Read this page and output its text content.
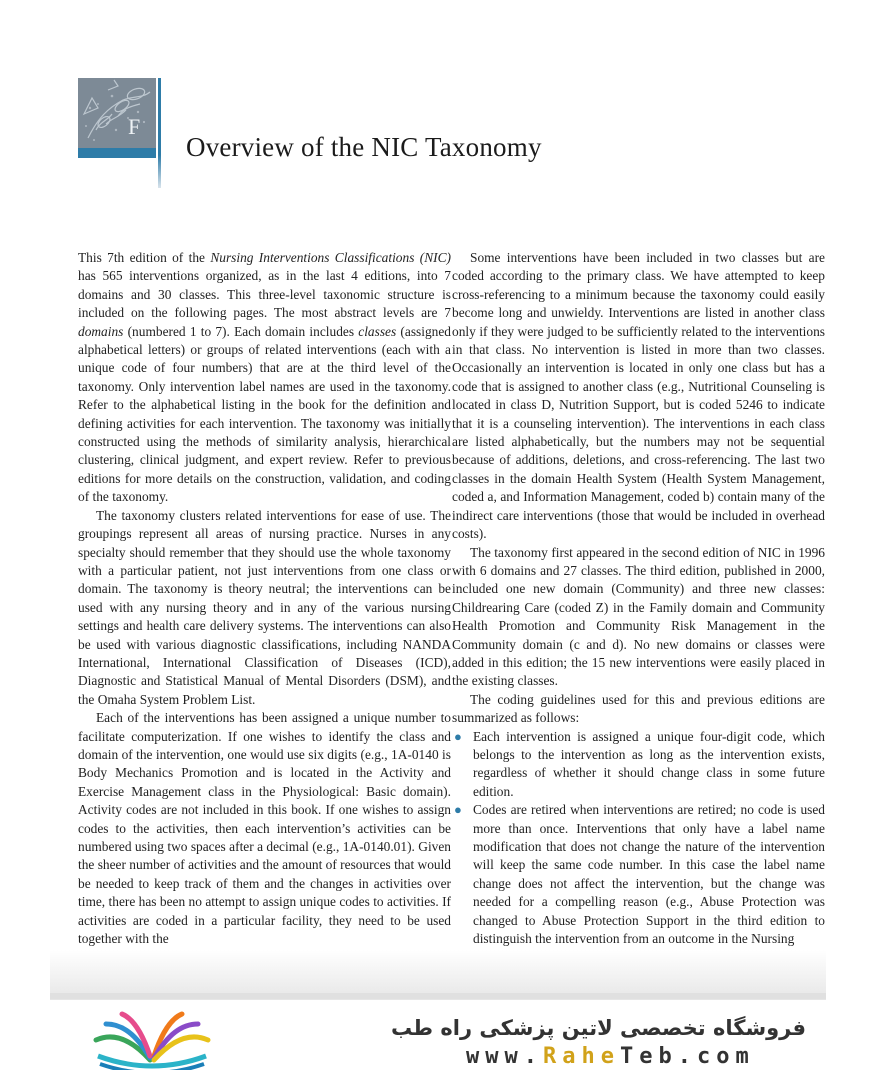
F
Overview of the NIC Taxonomy

This 7th edition of the Nursing Interventions Classifications (NIC) has 565 interventions organized, as in the last 4 editions, into 7 domains and 30 classes. This three-level taxonomic structure is included on the following pages. The most abstract levels are 7 domains (numbered 1 to 7). Each domain includes classes (assigned alphabetical letters) or groups of related interventions (each with a unique code of four numbers) that are at the third level of the taxonomy. Only intervention label names are used in the taxonomy. Refer to the alphabetical listing in the book for the definition and defining activities for each intervention. The taxonomy was initially constructed using the methods of similarity analysis, hierarchical clustering, clinical judgment, and expert review. Refer to previous editions for more details on the construction, validation, and coding of the taxonomy.

The taxonomy clusters related interventions for ease of use. The groupings represent all areas of nursing practice. Nurses in any specialty should remember that they should use the whole taxonomy with a particular patient, not just interventions from one class or domain. The taxonomy is theory neutral; the interventions can be used with any nursing theory and in any of the various nursing settings and health care delivery systems. The interventions can also be used with various diagnostic classifications, including NANDA International, International Classification of Diseases (ICD), Diagnostic and Statistical Manual of Mental Disorders (DSM), and the Omaha System Problem List.

Each of the interventions has been assigned a unique number to facilitate computerization. If one wishes to identify the class and domain of the intervention, one would use six digits (e.g., 1A-0140 is Body Mechanics Promotion and is located in the Activity and Exercise Management class in the Physiological: Basic domain). Activity codes are not included in this book. If one wishes to assign codes to the activities, then each intervention’s activities can be numbered using two spaces after a decimal (e.g., 1A-0140.01). Given the sheer number of activities and the amount of resources that would be needed to keep track of them and the changes in activities over time, there has been no attempt to assign unique codes to activities. If activities are coded in a particular facility, they need to be used together with the

Some interventions have been included in two classes but are coded according to the primary class. We have attempted to keep cross-referencing to a minimum because the taxonomy could easily become long and unwieldy. Interventions are listed in another class only if they were judged to be sufficiently related to the interventions in that class. No intervention is listed in more than two classes. Occasionally an intervention is located in only one class but has a code that is assigned to another class (e.g., Nutritional Counseling is located in class D, Nutrition Support, but is coded 5246 to indicate that it is a counseling intervention). The interventions in each class are listed alphabetically, but the numbers may not be sequential because of additions, deletions, and cross-referencing. The last two classes in the domain Health System (Health System Management, coded a, and Information Management, coded b) contain many of the indirect care interventions (those that would be included in overhead costs).

The taxonomy first appeared in the second edition of NIC in 1996 with 6 domains and 27 classes. The third edition, published in 2000, included one new domain (Community) and three new classes: Childrearing Care (coded Z) in the Family domain and Community Health Promotion and Community Risk Management in the Community domain (c and d). No new domains or classes were added in this edition; the 15 new interventions were easily placed in the existing classes.

The coding guidelines used for this and previous editions are summarized as follows:

● Each intervention is assigned a unique four-digit code, which belongs to the intervention as long as the intervention exists, regardless of whether it should change class in some future edition.
● Codes are retired when interventions are retired; no code is used more than once. Interventions that only have a label name modification that does not change the nature of the intervention will keep the same code number. In this case the label name change does not affect the intervention, but the change was needed for a compelling reason (e.g., Abuse Protection was changed to Abuse Protection Support in the third edition to distinguish the intervention from an outcome in the Nursing
فروشگاه تخصصی لاتین پزشکی راه طب
www.RaheTeb.com
